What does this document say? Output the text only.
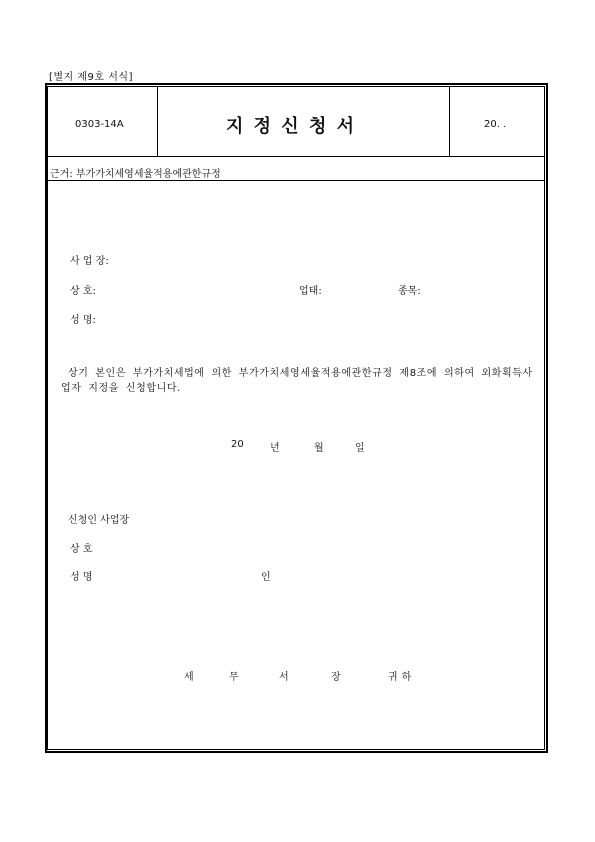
[별지 제9호 서식]
0303-14A	지 정 신 청 서	20. .
근거: 부가가치세영세율적용에관한규정
사 업 장:
상 호:	업태:	종목:
성 명:
상기 본인은 부가가치세법에 의한 부가가치세영세율적용에관한규정 제8조에 의하여 외화획득사업자 지정을 신청합니다.
20	년	월	일
신청인 사업장
상 호
성 명	인
세	무	서	장	귀하
